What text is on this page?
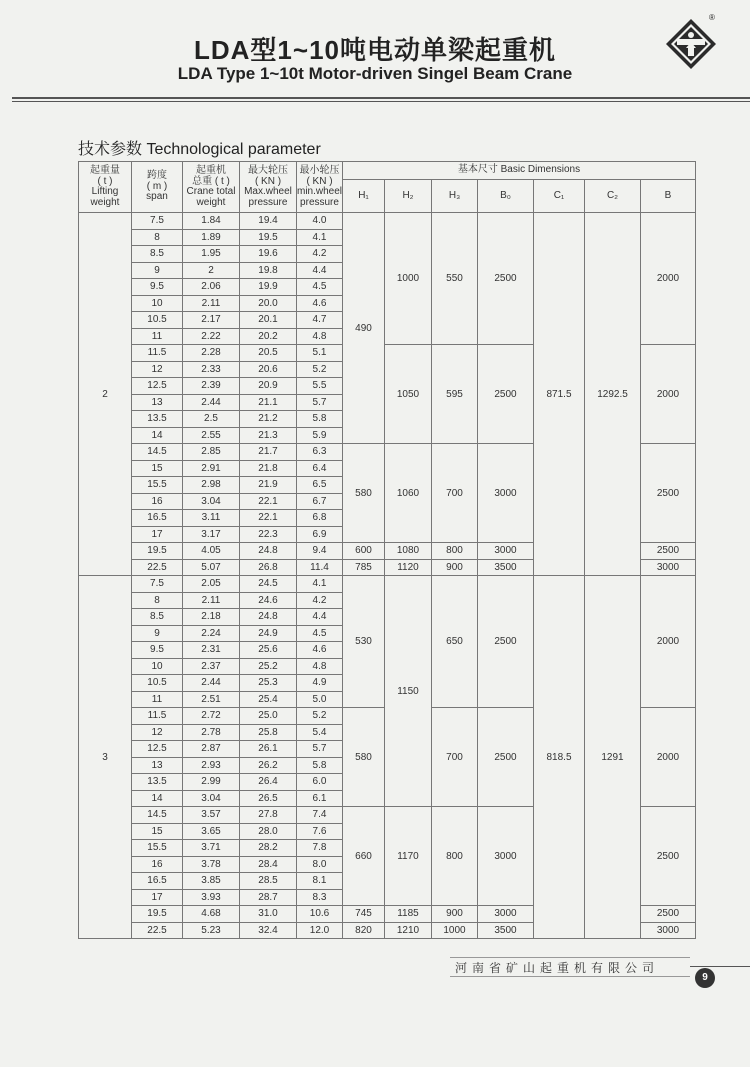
LDA型1~10吨电动单梁起重机
LDA Type 1~10t Motor-driven Singel Beam Crane
®
技术参数 Technological parameter
起重量
( t )
Lifting
weight	跨度
( m )
span	起重机
总重 ( t )
Crane total
weight	最大轮压
( KN )
Max.wheel
pressure	最小轮压
( KN )
min.wheel
pressure	基本尺寸 Basic Dimensions						
					H₁	H₂	H₃	B₀	C₁	C₂	B
2	7.5	1.84	19.4	4.0	490	1000	550	2500	871.5	1292.5	2000
	8	1.89	19.5	4.1							
	8.5	1.95	19.6	4.2							
	9	2	19.8	4.4							
	9.5	2.06	19.9	4.5							
	10	2.11	20.0	4.6							
	10.5	2.17	20.1	4.7							
	11	2.22	20.2	4.8							
	11.5	2.28	20.5	5.1		1050	595	2500			2000
	12	2.33	20.6	5.2							
	12.5	2.39	20.9	5.5							
	13	2.44	21.1	5.7							
	13.5	2.5	21.2	5.8							
	14	2.55	21.3	5.9							
	14.5	2.85	21.7	6.3	580	1060	700	3000			2500
	15	2.91	21.8	6.4							
	15.5	2.98	21.9	6.5							
	16	3.04	22.1	6.7							
	16.5	3.11	22.1	6.8							
	17	3.17	22.3	6.9							
	19.5	4.05	24.8	9.4	600	1080	800	3000			2500
	22.5	5.07	26.8	11.4	785	1120	900	3500			3000
3	7.5	2.05	24.5	4.1	530	1150	650	2500	818.5	1291	2000
	8	2.11	24.6	4.2							
	8.5	2.18	24.8	4.4							
	9	2.24	24.9	4.5							
	9.5	2.31	25.6	4.6							
	10	2.37	25.2	4.8							
	10.5	2.44	25.3	4.9							
	11	2.51	25.4	5.0							
	11.5	2.72	25.0	5.2	580		700	2500			2000
	12	2.78	25.8	5.4							
	12.5	2.87	26.1	5.7							
	13	2.93	26.2	5.8							
	13.5	2.99	26.4	6.0							
	14	3.04	26.5	6.1							
	14.5	3.57	27.8	7.4	660	1170	800	3000			2500
	15	3.65	28.0	7.6							
	15.5	3.71	28.2	7.8							
	16	3.78	28.4	8.0							
	16.5	3.85	28.5	8.1							
	17	3.93	28.7	8.3							
	19.5	4.68	31.0	10.6	745	1185	900	3000			2500
	22.5	5.23	32.4	12.0	820	1210	1000	3500			3000
河南省矿山起重机有限公司
9
